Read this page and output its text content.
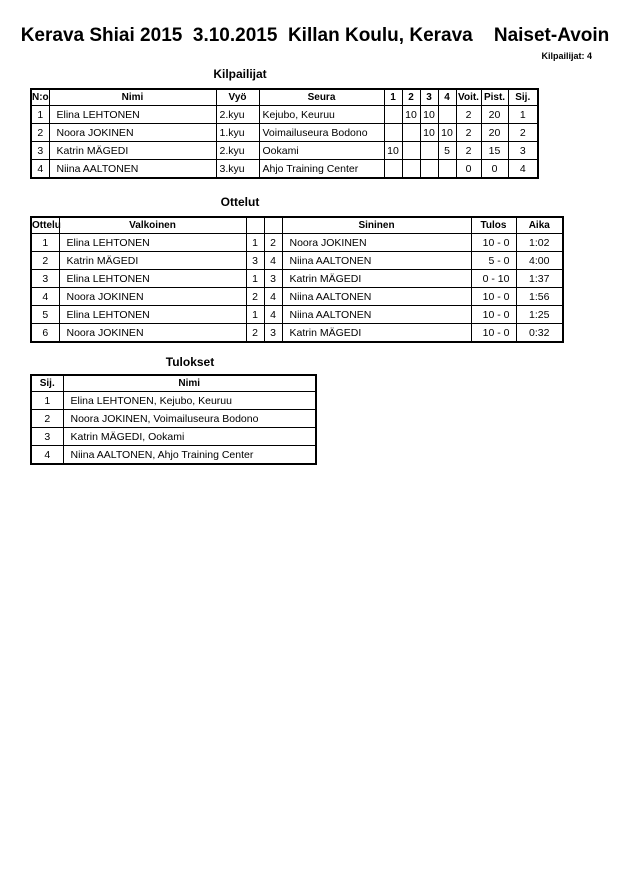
Kerava Shiai 2015  3.10.2015  Killan Koulu, Kerava    Naiset-Avoin
Kilpailijat: 4
Kilpailijat
N:o	Nimi	Vyö	Seura	1	2	3	4	Voit.	Pist.	Sij.
1	Elina LEHTONEN	2.kyu	Kejubo, Keuruu		10	10		2	20	1
2	Noora JOKINEN	1.kyu	Voimailuseura Bodono			10	10	2	20	2
3	Katrin MÄGEDI	2.kyu	Ookami	10			5	2	15	3
4	Niina AALTONEN	3.kyu	Ahjo Training Center					0	0	4
Ottelut
Ottelu	Valkoinen			Sininen	Tulos	Aika
1	Elina LEHTONEN	1	2	Noora JOKINEN	10 - 0	1:02
2	Katrin MÄGEDI	3	4	Niina AALTONEN	5 - 0	4:00
3	Elina LEHTONEN	1	3	Katrin MÄGEDI	0 - 10	1:37
4	Noora JOKINEN	2	4	Niina AALTONEN	10 - 0	1:56
5	Elina LEHTONEN	1	4	Niina AALTONEN	10 - 0	1:25
6	Noora JOKINEN	2	3	Katrin MÄGEDI	10 - 0	0:32
Tulokset
Sij.	Nimi
1	Elina LEHTONEN, Kejubo, Keuruu
2	Noora JOKINEN, Voimailuseura Bodono
3	Katrin MÄGEDI, Ookami
4	Niina AALTONEN, Ahjo Training Center
